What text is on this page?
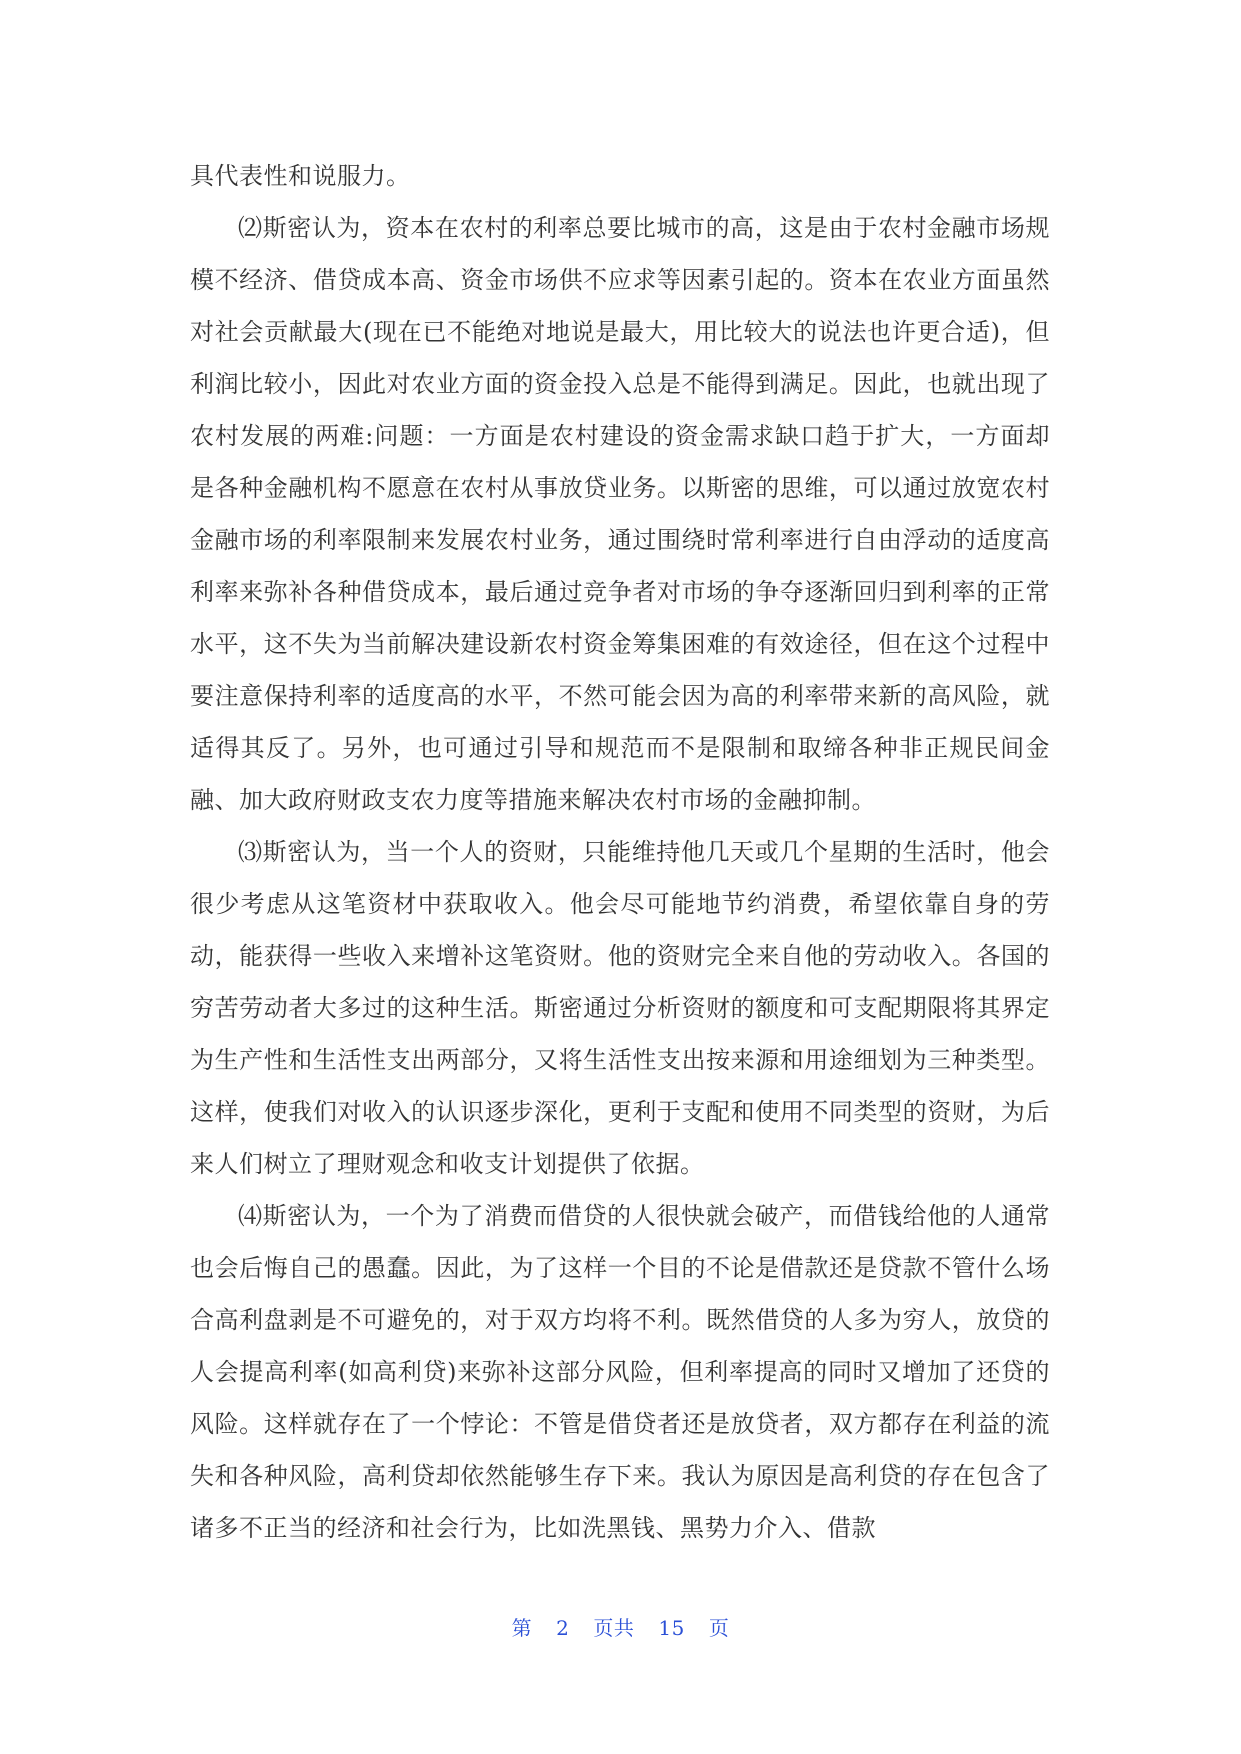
具代表性和说服力。

⑵斯密认为，资本在农村的利率总要比城市的高，这是由于农村金融市场规模不经济、借贷成本高、资金市场供不应求等因素引起的。资本在农业方面虽然对社会贡献最大(现在已不能绝对地说是最大，用比较大的说法也许更合适)，但利润比较小，因此对农业方面的资金投入总是不能得到满足。因此，也就出现了农村发展的两难:问题：一方面是农村建设的资金需求缺口趋于扩大，一方面却是各种金融机构不愿意在农村从事放贷业务。以斯密的思维，可以通过放宽农村金融市场的利率限制来发展农村业务，通过围绕时常利率进行自由浮动的适度高利率来弥补各种借贷成本，最后通过竞争者对市场的争夺逐渐回归到利率的正常水平，这不失为当前解决建设新农村资金筹集困难的有效途径，但在这个过程中要注意保持利率的适度高的水平，不然可能会因为高的利率带来新的高风险，就适得其反了。另外，也可通过引导和规范而不是限制和取缔各种非正规民间金融、加大政府财政支农力度等措施来解决农村市场的金融抑制。

⑶斯密认为，当一个人的资财，只能维持他几天或几个星期的生活时，他会很少考虑从这笔资材中获取收入。他会尽可能地节约消费，希望依靠自身的劳动，能获得一些收入来增补这笔资财。他的资财完全来自他的劳动收入。各国的穷苦劳动者大多过的这种生活。斯密通过分析资财的额度和可支配期限将其界定为生产性和生活性支出两部分，又将生活性支出按来源和用途细划为三种类型。这样，使我们对收入的认识逐步深化，更利于支配和使用不同类型的资财，为后来人们树立了理财观念和收支计划提供了依据。

⑷斯密认为，一个为了消费而借贷的人很快就会破产，而借钱给他的人通常也会后悔自己的愚蠢。因此，为了这样一个目的不论是借款还是贷款不管什么场合高利盘剥是不可避免的，对于双方均将不利。既然借贷的人多为穷人，放贷的人会提高利率(如高利贷)来弥补这部分风险，但利率提高的同时又增加了还贷的风险。这样就存在了一个悖论：不管是借贷者还是放贷者，双方都存在利益的流失和各种风险，高利贷却依然能够生存下来。我认为原因是高利贷的存在包含了诸多不正当的经济和社会行为，比如洗黑钱、黑势力介入、借款

第 2 页共 15 页
